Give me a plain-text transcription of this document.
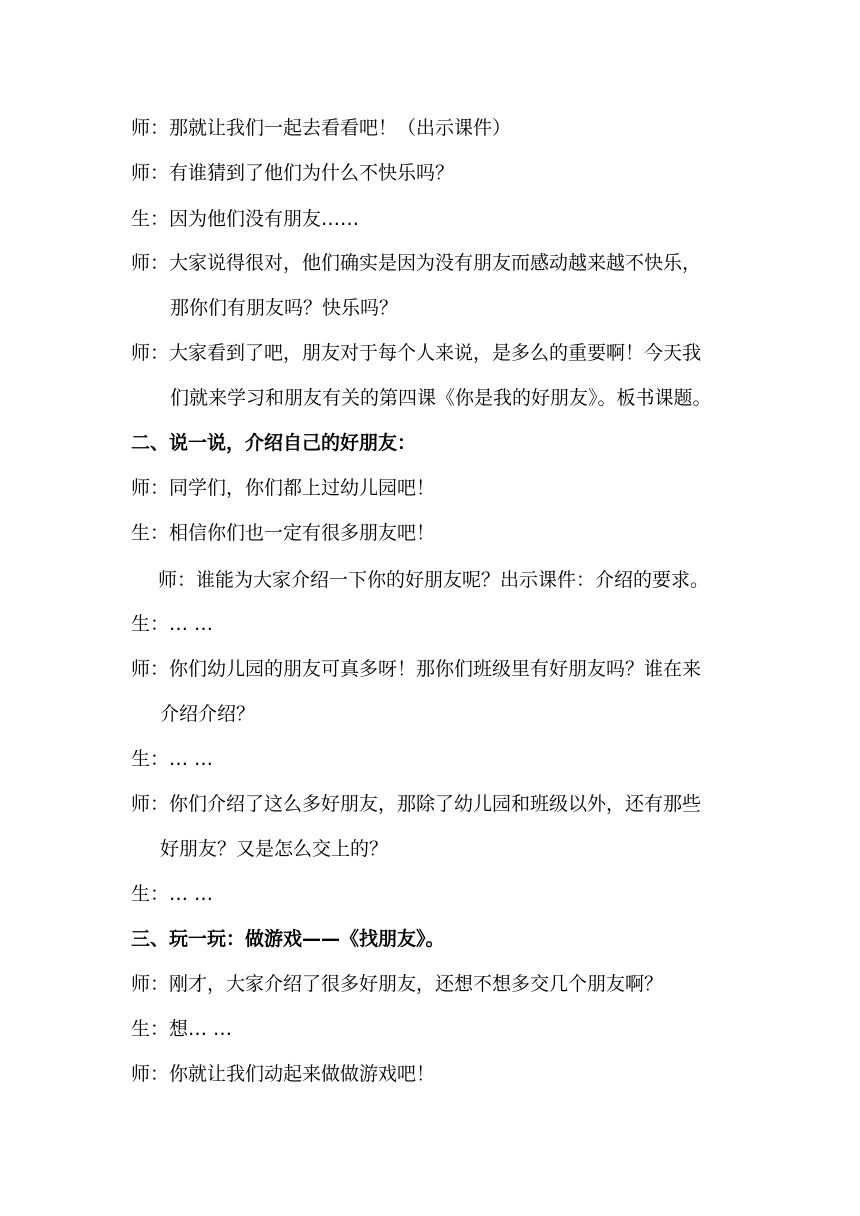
师：那就让我们一起去看看吧！（出示课件）
师：有谁猜到了他们为什么不快乐吗？
生：因为他们没有朋友……
师：大家说得很对，他们确实是因为没有朋友而感动越来越不快乐，
那你们有朋友吗？快乐吗？
师：大家看到了吧，朋友对于每个人来说，是多么的重要啊！今天我
们就来学习和朋友有关的第四课《你是我的好朋友》。板书课题。
二、说一说，介绍自己的好朋友：
师：同学们，你们都上过幼儿园吧！
生：相信你们也一定有很多朋友吧！
师：谁能为大家介绍一下你的好朋友呢？出示课件：介绍的要求。
生：… …
师：你们幼儿园的朋友可真多呀！那你们班级里有好朋友吗？谁在来
介绍介绍？
生：… …
师：你们介绍了这么多好朋友，那除了幼儿园和班级以外，还有那些
好朋友？又是怎么交上的？
生：… …
三、玩一玩：做游戏——《找朋友》。
师：刚才，大家介绍了很多好朋友，还想不想多交几个朋友啊？
生：想… …
师：你就让我们动起来做做游戏吧！
